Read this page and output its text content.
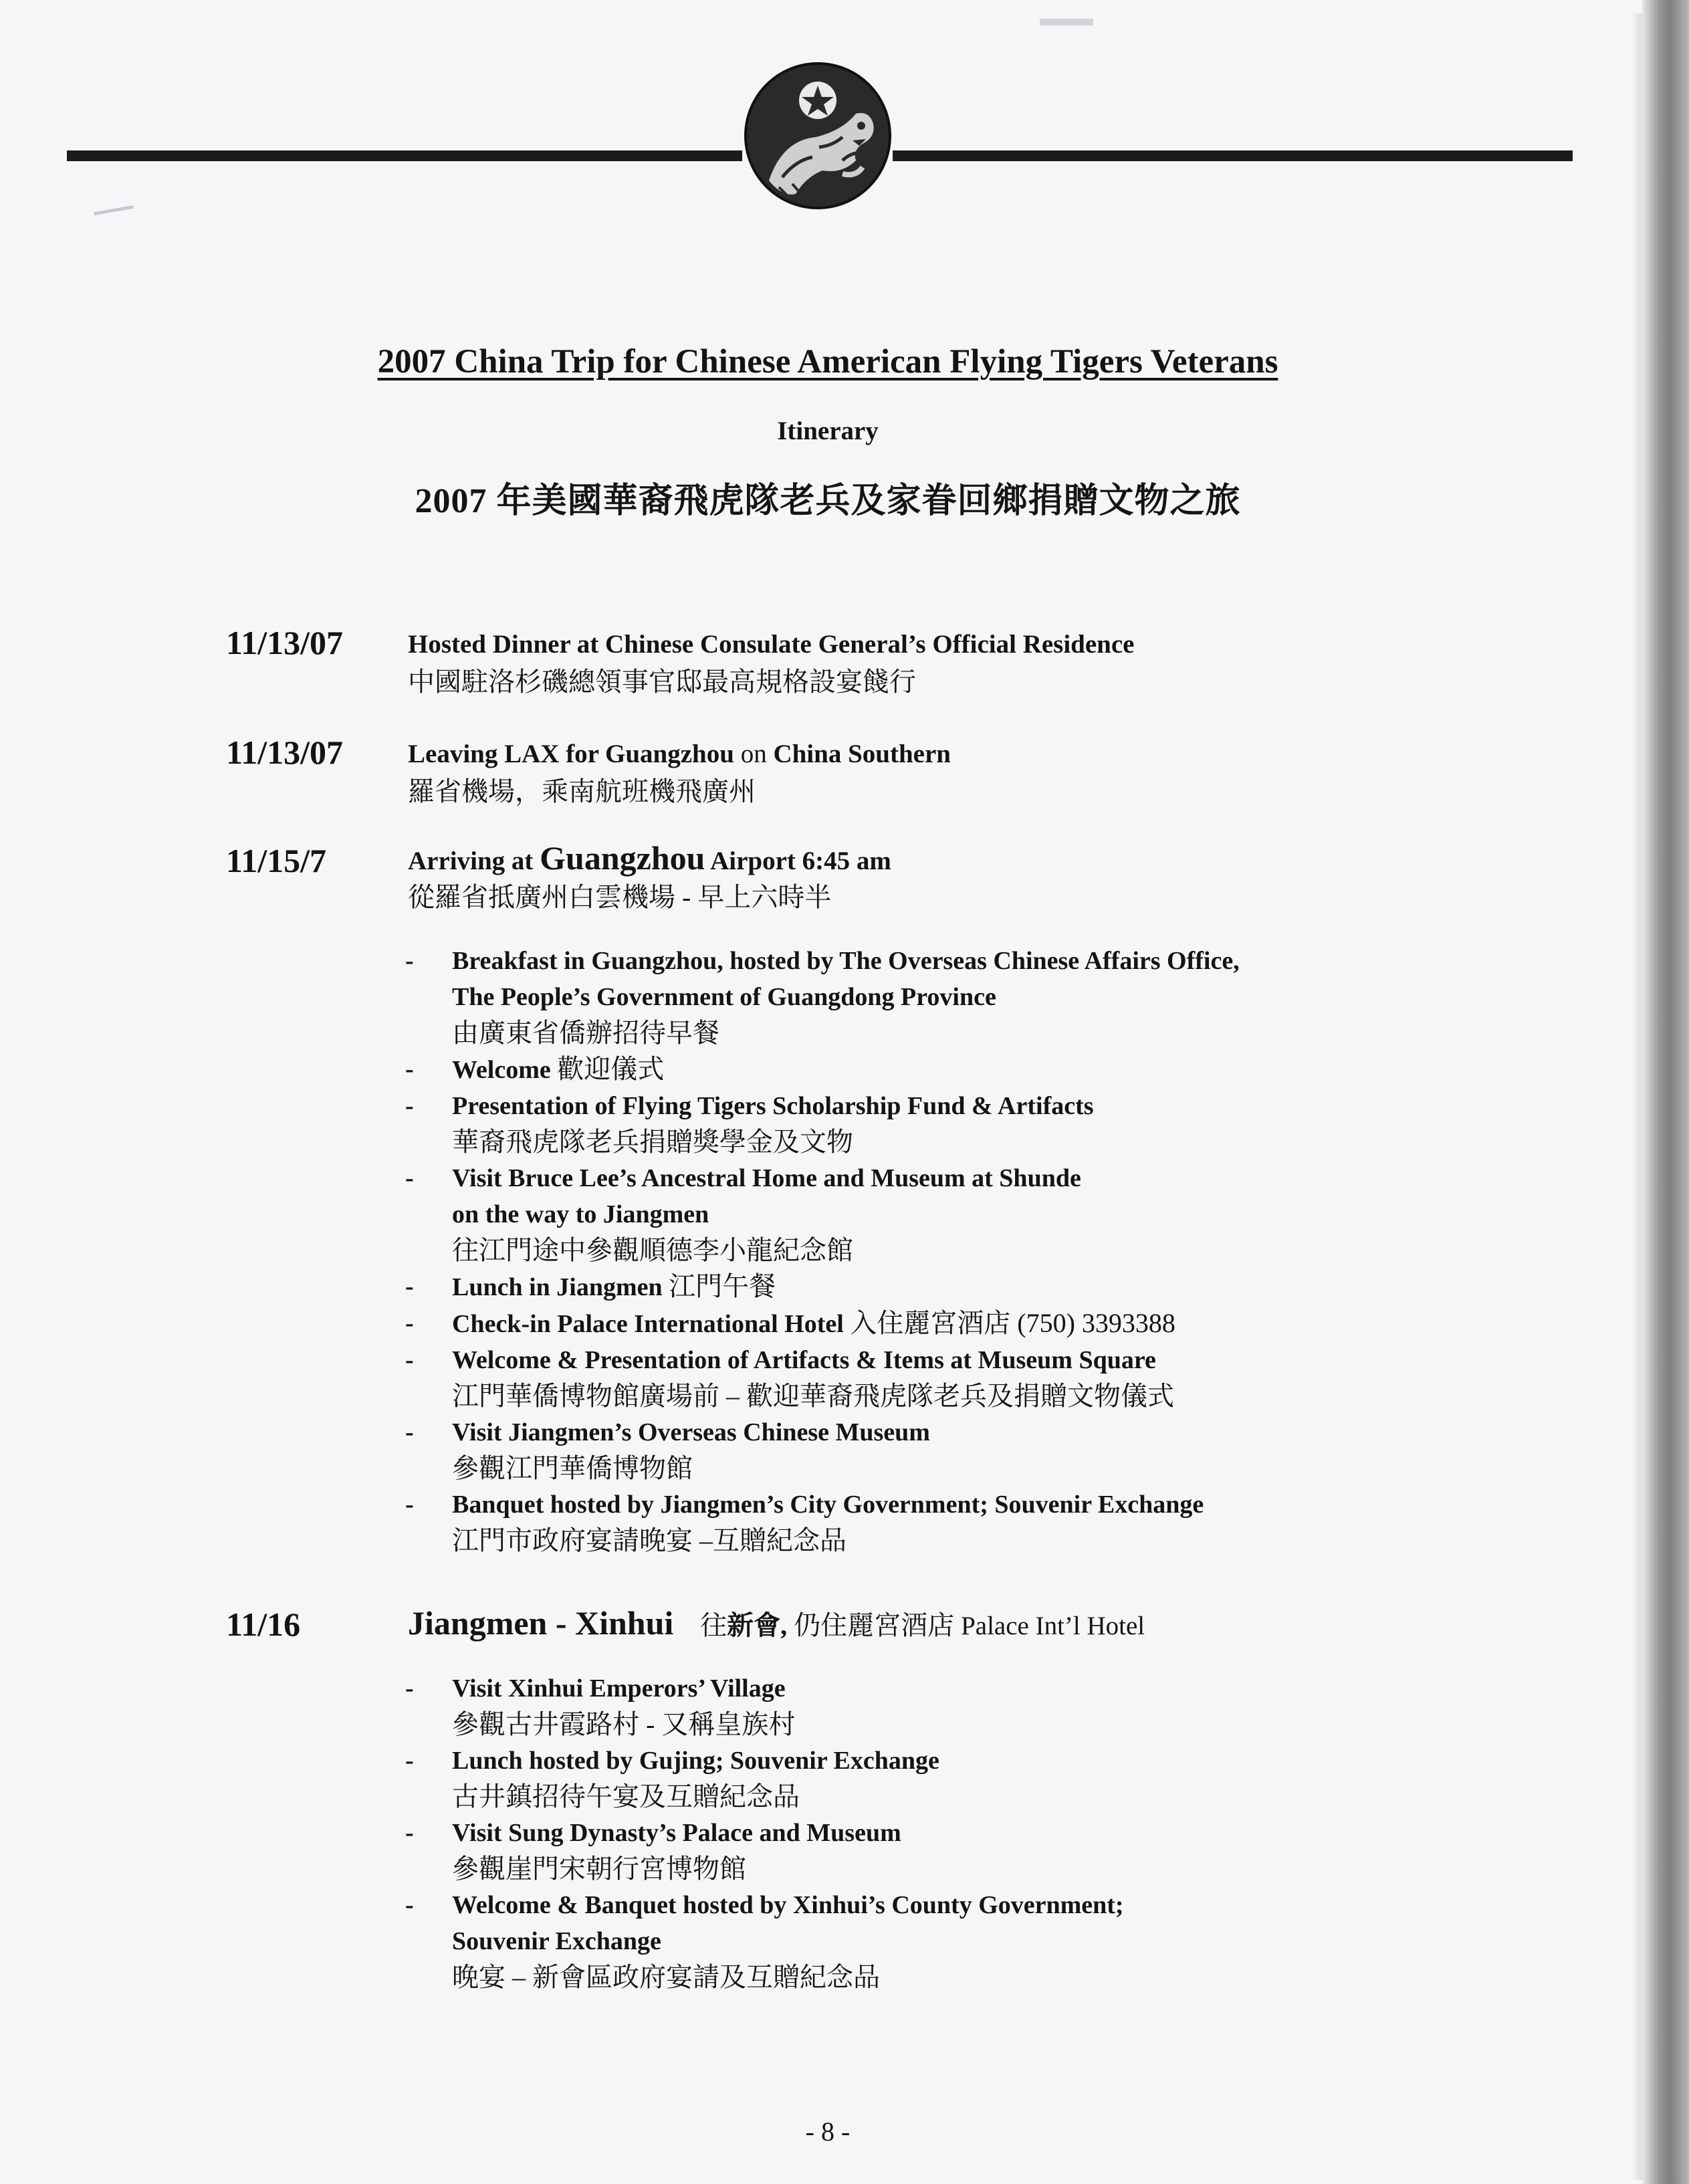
2007 China Trip for Chinese American Flying Tigers Veterans
Itinerary
2007 年美國華裔飛虎隊老兵及家眷回鄉捐贈文物之旅
11/13/07 Hosted Dinner at Chinese Consulate General’s Official Residence
中國駐洛杉磯總領事官邸最高規格設宴餞行
11/13/07 Leaving LAX for Guangzhou on China Southern
羅省機場，乘南航班機飛廣州
11/15/7	Arriving at Guangzhou Airport 6:45 am
從羅省抵廣州白雲機場 - 早上六時半
- Breakfast in Guangzhou, hosted by The Overseas Chinese Affairs Office,
The People’s Government of Guangdong Province
由廣東省僑辦招待早餐
- Welcome 歡迎儀式
- Presentation of Flying Tigers Scholarship Fund & Artifacts
華裔飛虎隊老兵捐贈獎學金及文物
- Visit Bruce Lee’s Ancestral Home and Museum at Shunde
on the way to Jiangmen
往江門途中參觀順德李小龍紀念館
- Lunch in Jiangmen 江門午餐
- Check-in Palace International Hotel 入住麗宮酒店 (750) 3393388
- Welcome & Presentation of Artifacts & Items at Museum Square
江門華僑博物館廣場前 – 歡迎華裔飛虎隊老兵及捐贈文物儀式
- Visit Jiangmen’s Overseas Chinese Museum
參觀江門華僑博物館
- Banquet hosted by Jiangmen’s City Government; Souvenir Exchange
江門市政府宴請晚宴 –互贈紀念品
11/16	Jiangmen - Xinhui 往新會, 仍住麗宮酒店 Palace Int’l Hotel
- Visit Xinhui Emperors’ Village
參觀古井霞路村 - 又稱皇族村
- Lunch hosted by Gujing; Souvenir Exchange
古井鎮招待午宴及互贈紀念品
- Visit Sung Dynasty’s Palace and Museum
參觀崖門宋朝行宮博物館
- Welcome & Banquet hosted by Xinhui’s County Government;
Souvenir Exchange
晚宴 – 新會區政府宴請及互贈紀念品
- 8 -
